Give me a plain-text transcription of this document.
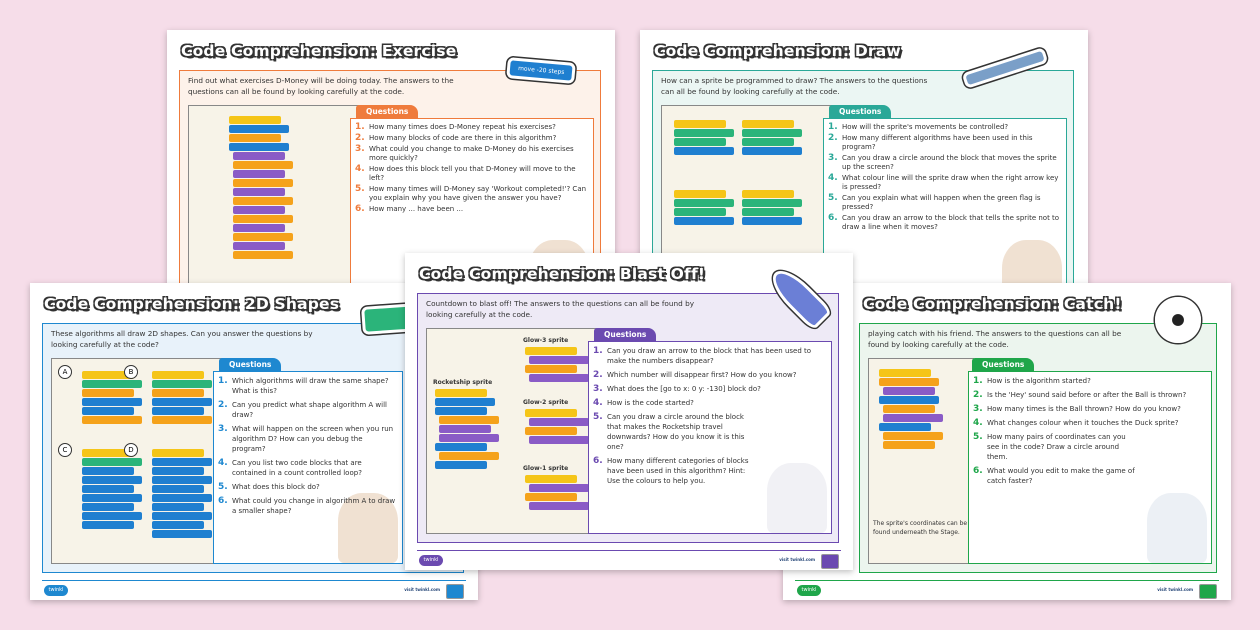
Code Comprehension: Exercise
Find out what exercises D-Money will be doing today. The answers to the questions can all be found by looking carefully at the code.
Questions
1. How many times does D-Money repeat his exercises?
2. How many blocks of code are there in this algorithm?
3. What could you change to make D-Money do his exercises more quickly?
4. How does this block tell you that D-Money will move to the left?
5. How many times will D-Money say 'Workout completed!'? Can you explain why you have given the answer you have?
6. How many ... have been ...
move -20 steps
Code Comprehension: Draw
How can a sprite be programmed to draw? The answers to the questions can all be found by looking carefully at the code.
Questions
1. How will the sprite's movements be controlled?
2. How many different algorithms have been used in this program?
3. Can you draw a circle around the block that moves the sprite up the screen?
4. What colour line will the sprite draw when the right arrow key is pressed?
5. Can you explain what will happen when the green flag is pressed?
6. Can you draw an arrow to the block that tells the sprite not to draw a line when it moves?
Code Comprehension: 2D Shapes
These algorithms all draw 2D shapes. Can you answer the questions by looking carefully at the code?
A	B
C	D
Questions
1. Which algorithms will draw the same shape? What is this?
2. Can you predict what shape algorithm A will draw?
3. What will happen on the screen when you run algorithm D? How can you debug the program?
4. Can you list two code blocks that are contained in a count controlled loop?
5. What does this block do?
6. What could you change in algorithm A to draw a smaller shape?
twinkl	visit twinkl.com
Code Comprehension: Catch!
playing catch with his friend. The answers to the questions can all be found by looking carefully at the code.
The sprite's coordinates can be found underneath the Stage.
Questions
1. How is the algorithm started?
2. Is the 'Hey' sound said before or after the Ball is thrown?
3. How many times is the Ball thrown? How do you know?
4. What changes colour when it touches the Duck sprite?
5. How many pairs of coordinates can you see in the code? Draw a circle around them.
6. What would you edit to make the game of catch faster?
twinkl	visit twinkl.com
Code Comprehension: Blast Off!
Countdown to blast off! The answers to the questions can all be found by looking carefully at the code.
Rocketship sprite
Glow-3 sprite
Glow-2 sprite
Glow-1 sprite
Questions
1. Can you draw an arrow to the block that has been used to make the numbers disappear?
2. Which number will disappear first? How do you know?
3. What does the [go to x: 0 y: -130] block do?
4. How is the code started?
5. Can you draw a circle around the block that makes the Rocketship travel downwards? How do you know it is this one?
6. How many different categories of blocks have been used in this algorithm? Hint: Use the colours to help you.
twinkl	visit twinkl.com
